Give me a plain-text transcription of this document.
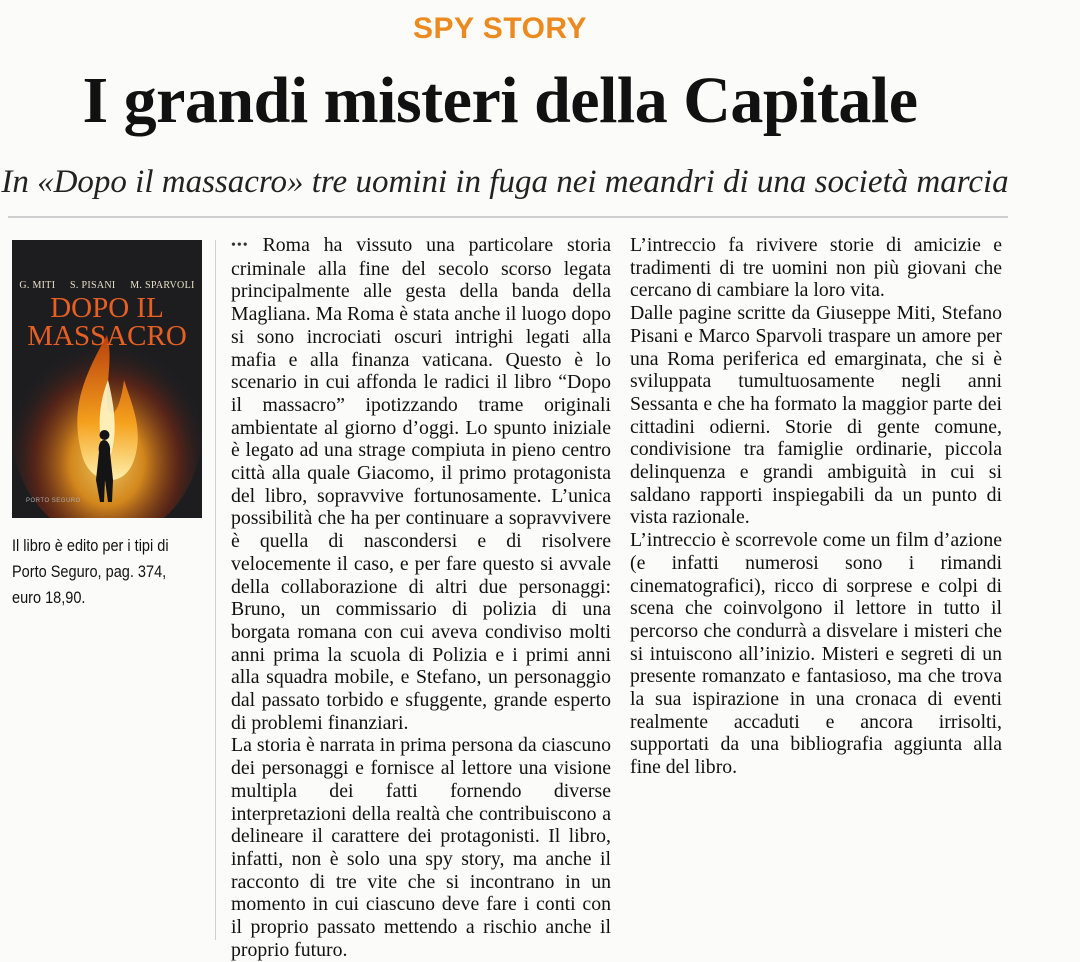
SPY STORY
I grandi misteri della Capitale
In «Dopo il massacro» tre uomini in fuga nei meandri di una società marcia
G. MITI S. PISANI M. SPARVOLI
DOPO IL
MASSACRO
PORTO SEGURO
Il libro è edito per i tipi di Porto Seguro, pag. 374, euro 18,90.

••• Roma ha vissuto una particolare storia criminale alla fine del secolo scorso legata principalmente alle gesta della banda della Magliana. Ma Roma è stata anche il luogo dopo si sono incrociati oscuri intrighi legati alla mafia e alla finanza vaticana. Questo è lo scenario in cui affonda le radici il libro “Dopo il massacro” ipotizzando trame originali ambientate al giorno d’oggi. Lo spunto iniziale è legato ad una strage compiuta in pieno centro città alla quale Giacomo, il primo protagonista del libro, sopravvive fortunosamente. L’unica possibilità che ha per continuare a sopravvivere è quella di nascondersi e di risolvere velocemente il caso, e per fare questo si avvale della collaborazione di altri due personaggi: Bruno, un commissario di polizia di una borgata romana con cui aveva condiviso molti anni prima la scuola di Polizia e i primi anni alla squadra mobile, e Stefano, un personaggio dal passato torbido e sfuggente, grande esperto di problemi finanziari.

La storia è narrata in prima persona da ciascuno dei personaggi e fornisce al lettore una visione multipla dei fatti fornendo diverse interpretazioni della realtà che contribuiscono a delineare il carattere dei protagonisti. Il libro, infatti, non è solo una spy story, ma anche il racconto di tre vite che si incontrano in un momento in cui ciascuno deve fare i conti con il proprio passato mettendo a rischio anche il proprio futuro.

L’intreccio fa rivivere storie di amicizie e tradimenti di tre uomini non più giovani che cercano di cambiare la loro vita.

Dalle pagine scritte da Giuseppe Miti, Stefano Pisani e Marco Sparvoli traspare un amore per una Roma periferica ed emarginata, che si è sviluppata tumultuosamente negli anni Sessanta e che ha formato la maggior parte dei cittadini odierni. Storie di gente comune, condivisione tra famiglie ordinarie, piccola delinquenza e grandi ambiguità in cui si saldano rapporti inspiegabili da un punto di vista razionale.

L’intreccio è scorrevole come un film d’azione (e infatti numerosi sono i rimandi cinematografici), ricco di sorprese e colpi di scena che coinvolgono il lettore in tutto il percorso che condurrà a disvelare i misteri che si intuiscono all’inizio. Misteri e segreti di un presente romanzato e fantasioso, ma che trova la sua ispirazione in una cronaca di eventi realmente accaduti e ancora irrisolti, supportati da una bibliografia aggiunta alla fine del libro.
